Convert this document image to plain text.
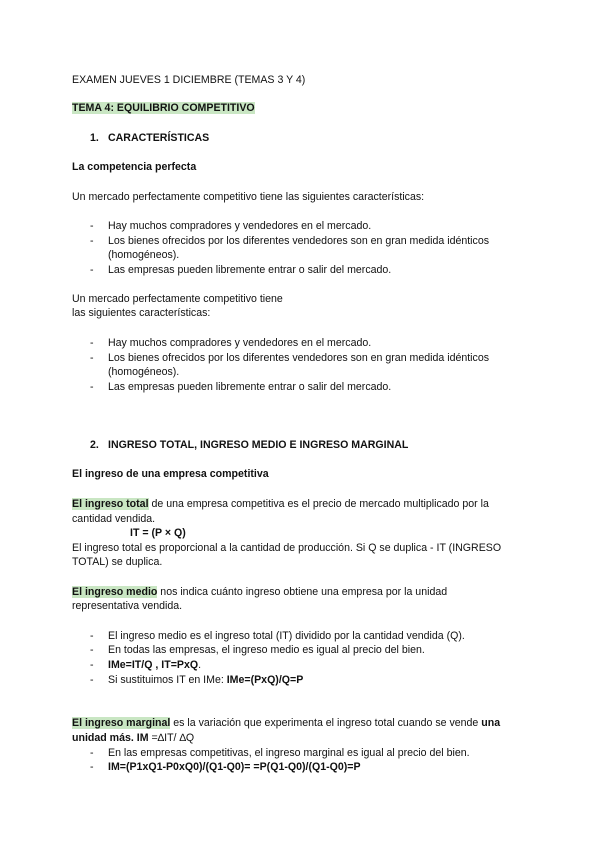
EXAMEN JUEVES 1 DICIEMBRE (TEMAS 3 Y 4)
TEMA 4: EQUILIBRIO COMPETITIVO
1. CARACTERÍSTICAS
La competencia perfecta
Un mercado perfectamente competitivo tiene las siguientes características:
- Hay muchos compradores y vendedores en el mercado.
- Los bienes ofrecidos por los diferentes vendedores son en gran medida idénticos
(homogéneos).
- Las empresas pueden libremente entrar o salir del mercado.
Un mercado perfectamente competitivo tiene
las siguientes características:
- Hay muchos compradores y vendedores en el mercado.
- Los bienes ofrecidos por los diferentes vendedores son en gran medida idénticos
(homogéneos).
- Las empresas pueden libremente entrar o salir del mercado.
2. INGRESO TOTAL, INGRESO MEDIO E INGRESO MARGINAL
El ingreso de una empresa competitiva
El ingreso total de una empresa competitiva es el precio de mercado multiplicado por la
cantidad vendida.
IT = (P × Q)
El ingreso total es proporcional a la cantidad de producción. Si Q se duplica - IT (INGRESO
TOTAL) se duplica.
El ingreso medio nos indica cuánto ingreso obtiene una empresa por la unidad
representativa vendida.
- El ingreso medio es el ingreso total (IT) dividido por la cantidad vendida (Q).
- En todas las empresas, el ingreso medio es igual al precio del bien.
- IMe=IT/Q , IT=PxQ.
- Si sustituimos IT en IMe: IMe=(PxQ)/Q=P
El ingreso marginal es la variación que experimenta el ingreso total cuando se vende una
unidad más. IM =∆IT/ ∆Q
- En las empresas competitivas, el ingreso marginal es igual al precio del bien.
- IM=(P1xQ1-P0xQ0)/(Q1-Q0)= =P(Q1-Q0)/(Q1-Q0)=P
